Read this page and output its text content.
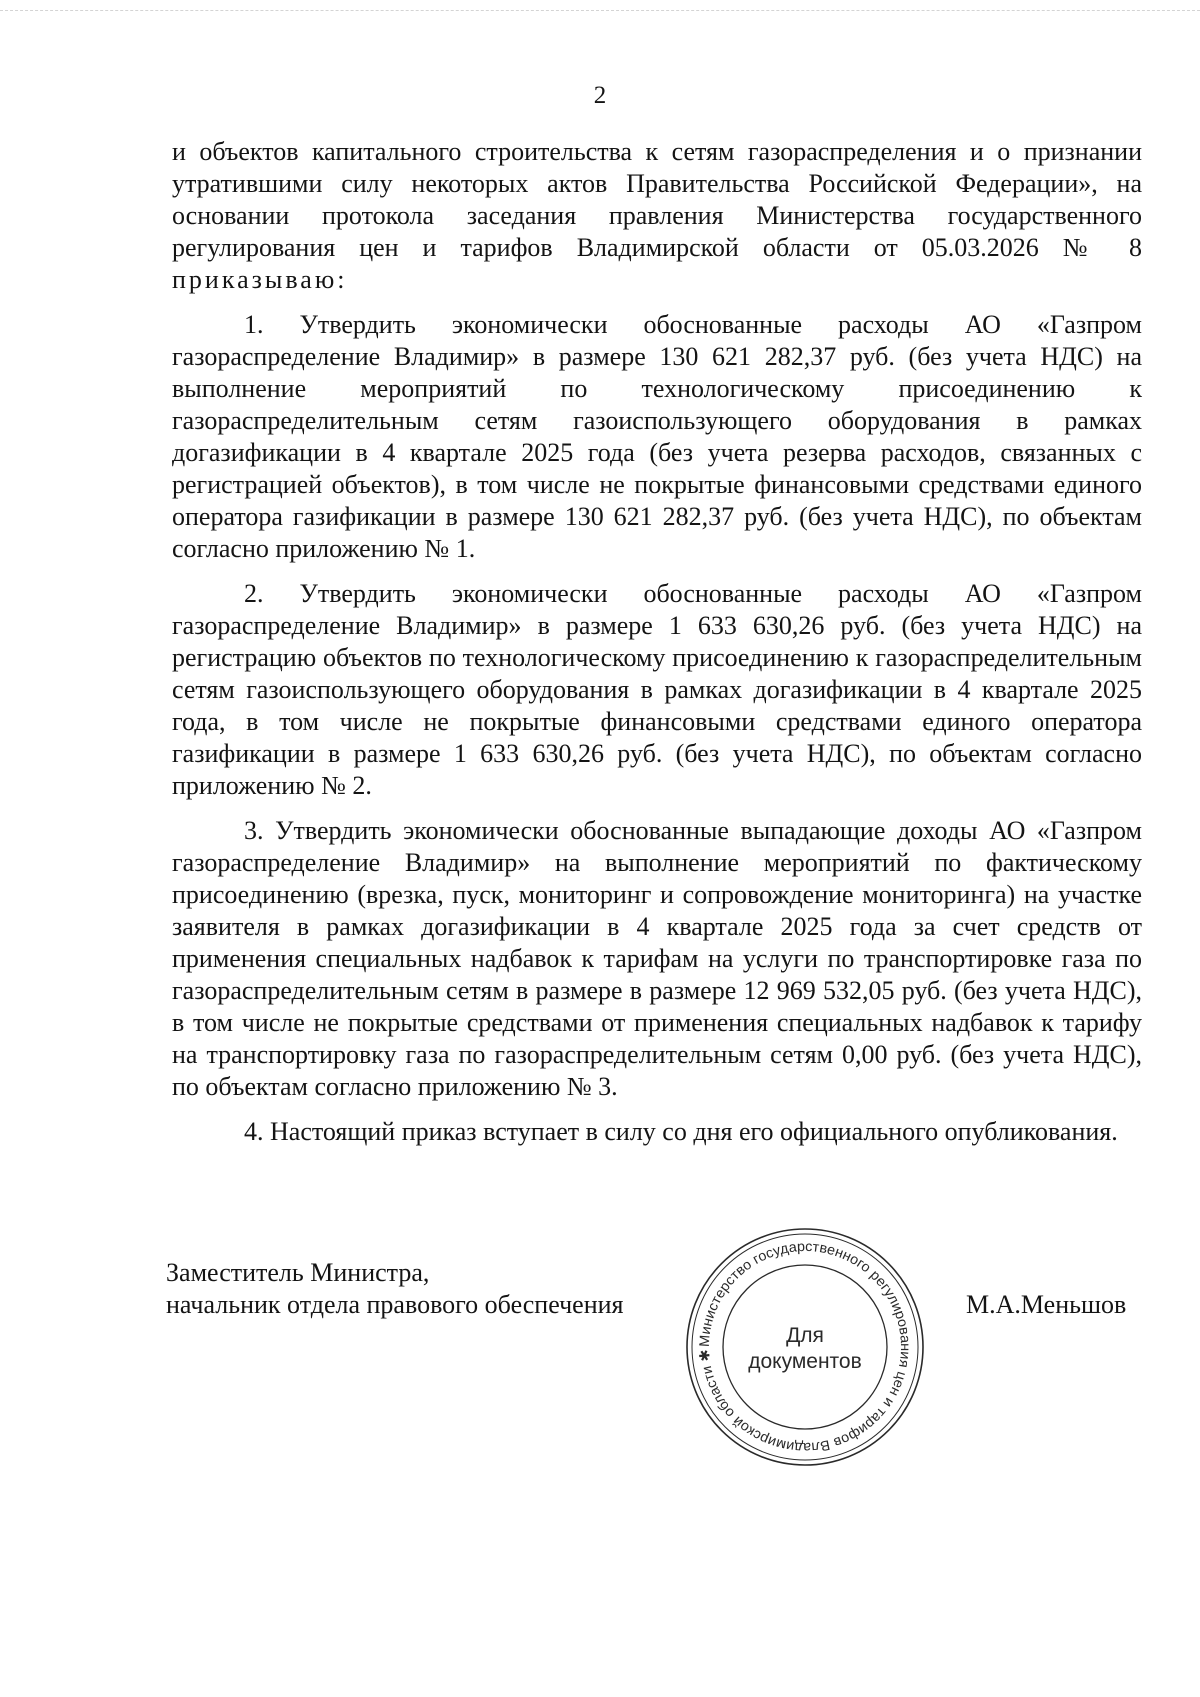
2

и объектов капитального строительства к сетям газораспределения и о признании утратившими силу некоторых актов Правительства Российской Федерации», на основании протокола заседания правления Министерства государственного регулирования цен и тарифов Владимирской области от 05.03.2026 № 8 приказываю:

1. Утвердить экономически обоснованные расходы АО «Газпром газораспределение Владимир» в размере 130 621 282,37 руб. (без учета НДС) на выполнение мероприятий по технологическому присоединению к газораспределительным сетям газоиспользующего оборудования в рамках догазификации в 4 квартале 2025 года (без учета резерва расходов, связанных с регистрацией объектов), в том числе не покрытые финансовыми средствами единого оператора газификации в размере 130 621 282,37 руб. (без учета НДС), по объектам согласно приложению № 1.

2. Утвердить экономически обоснованные расходы АО «Газпром газораспределение Владимир» в размере 1 633 630,26 руб. (без учета НДС) на регистрацию объектов по технологическому присоединению к газораспределительным сетям газоиспользующего оборудования в рамках догазификации в 4 квартале 2025 года, в том числе не покрытые финансовыми средствами единого оператора газификации в размере 1 633 630,26 руб. (без учета НДС), по объектам согласно приложению № 2.

3. Утвердить экономически обоснованные выпадающие доходы АО «Газпром газораспределение Владимир» на выполнение мероприятий по фактическому присоединению (врезка, пуск, мониторинг и сопровождение мониторинга) на участке заявителя в рамках догазификации в 4 квартале 2025 года за счет средств от применения специальных надбавок к тарифам на услуги по транспортировке газа по газораспределительным сетям в размере в размере 12 969 532,05 руб. (без учета НДС), в том числе не покрытые средствами от применения специальных надбавок к тарифу на транспортировку газа по газораспределительным сетям 0,00 руб. (без учета НДС), по объектам согласно приложению № 3.

4. Настоящий приказ вступает в силу со дня его официального опубликования.

Заместитель Министра,
начальник отдела правового обеспечения	М.А.Меньшов
Министерство государственного регулирования цен и тарифов Владимирской области ✱
Для
документов
